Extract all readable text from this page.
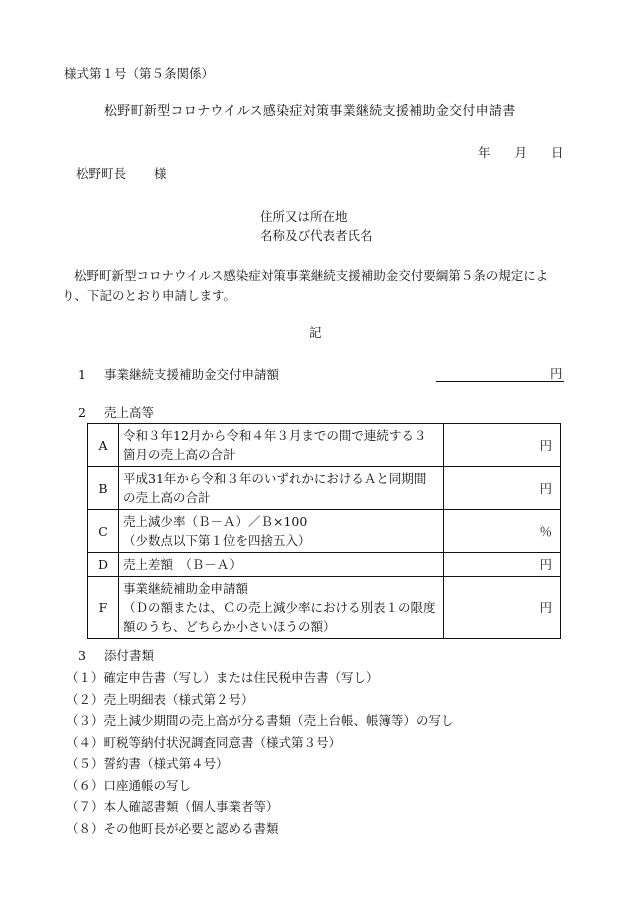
様式第１号（第５条関係）
松野町新型コロナウイルス感染症対策事業継続支援補助金交付申請書
年 月 日
松野町長 様
住所又は所在地
名称及び代表者氏名
松野町新型コロナウイルス感染症対策事業継続支援補助金交付要綱第５条の規定により、下記のとおり申請します。
記
1 事業継続支援補助金交付申請額	円
2 売上高等
A	令和３年12月から令和４年３月までの間で連続する３
箇月の売上高の合計	円
B	平成31年から令和３年のいずれかにおけるＡと同期間
の売上高の合計	円
C	売上減少率（Ｂ－Ａ）／Ｂ×100
（少数点以下第１位を四捨五入）	％
D	売上差額　（Ｂ－Ａ）	円
F	事業継続補助金申請額
（Ｄの額または、Ｃの売上減少率における別表１の限度
額のうち、どちらか小さいほうの額）	円
3 添付書類
（１）確定申告書（写し）または住民税申告書（写し）
（２）売上明細表（様式第２号）
（３）売上減少期間の売上高が分る書類（売上台帳、帳簿等）の写し
（４）町税等納付状況調査同意書（様式第３号）
（５）誓約書（様式第４号）
（６）口座通帳の写し
（７）本人確認書類（個人事業者等）
（８）その他町長が必要と認める書類
